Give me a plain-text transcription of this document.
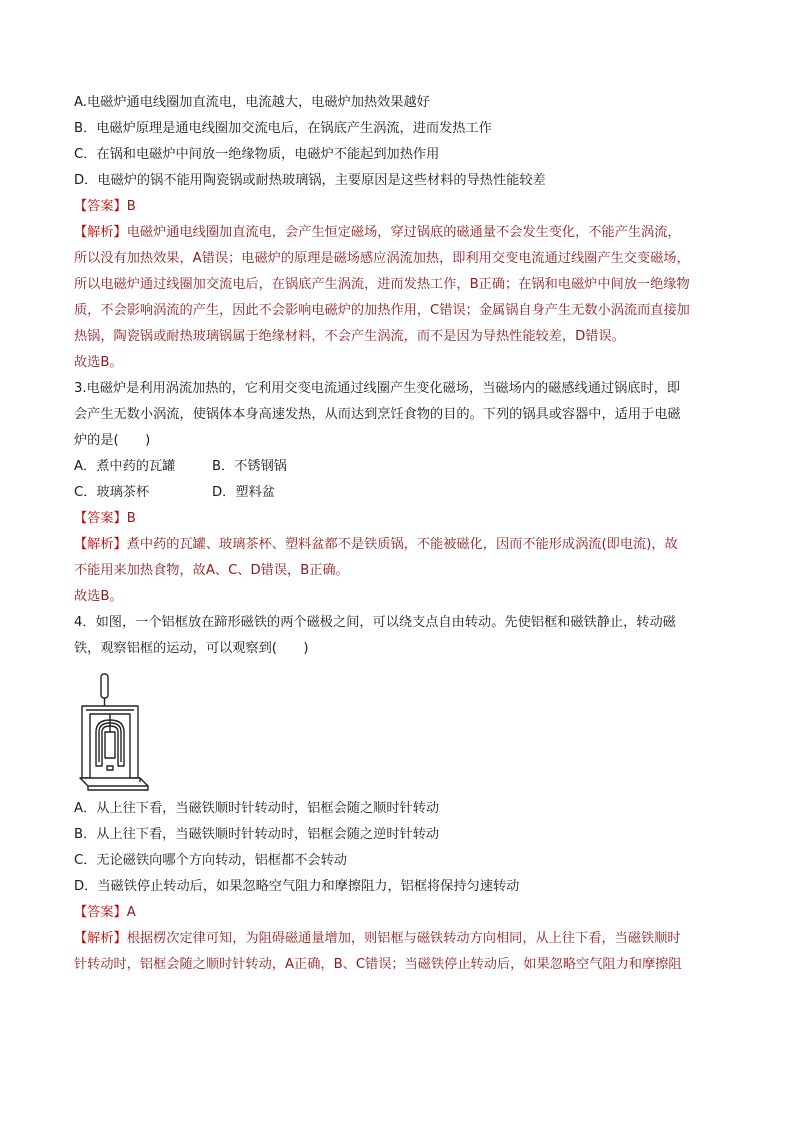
A.电磁炉通电线圈加直流电，电流越大，电磁炉加热效果越好

B．电磁炉原理是通电线圈加交流电后，在锅底产生涡流，进而发热工作

C．在锅和电磁炉中间放一绝缘物质，电磁炉不能起到加热作用

D．电磁炉的锅不能用陶瓷锅或耐热玻璃锅，主要原因是这些材料的导热性能较差

【答案】B

【解析】电磁炉通电线圈加直流电，会产生恒定磁场，穿过锅底的磁通量不会发生变化，不能产生涡流，

所以没有加热效果，A错误；电磁炉的原理是磁场感应涡流加热，即利用交变电流通过线圈产生交变磁场，

所以电磁炉通过线圈加交流电后，在锅底产生涡流，进而发热工作，B正确；在锅和电磁炉中间放一绝缘物

质，不会影响涡流的产生，因此不会影响电磁炉的加热作用，C错误；金属锅自身产生无数小涡流而直接加

热锅，陶瓷锅或耐热玻璃锅属于绝缘材料，不会产生涡流，而不是因为导热性能较差，D错误。

故选B。

3.电磁炉是利用涡流加热的，它利用交变电流通过线圈产生变化磁场，当磁场内的磁感线通过锅底时，即

会产生无数小涡流，使锅体本身高速发热，从而达到烹饪食物的目的。下列的锅具或容器中，适用于电磁

炉的是(　　)

A．煮中药的瓦罐	B．不锈钢锅

C．玻璃茶杯	D．塑料盆

【答案】B

【解析】煮中药的瓦罐、玻璃茶杯、塑料盆都不是铁质锅，不能被磁化，因而不能形成涡流(即电流)，故

不能用来加热食物，故A、C、D错误，B正确。

故选B。

4．如图，一个铝框放在蹄形磁铁的两个磁极之间，可以绕支点自由转动。先使铝框和磁铁静止，转动磁

铁，观察铝框的运动，可以观察到(　　)

A．从上往下看，当磁铁顺时针转动时，铝框会随之顺时针转动

B．从上往下看，当磁铁顺时针转动时，铝框会随之逆时针转动

C．无论磁铁向哪个方向转动，铝框都不会转动

D．当磁铁停止转动后，如果忽略空气阻力和摩擦阻力，铝框将保持匀速转动

【答案】A

【解析】根据楞次定律可知，为阻碍磁通量增加，则铝框与磁铁转动方向相同，从上往下看，当磁铁顺时

针转动时，铝框会随之顺时针转动，A正确，B、C错误；当磁铁停止转动后，如果忽略空气阻力和摩擦阻
